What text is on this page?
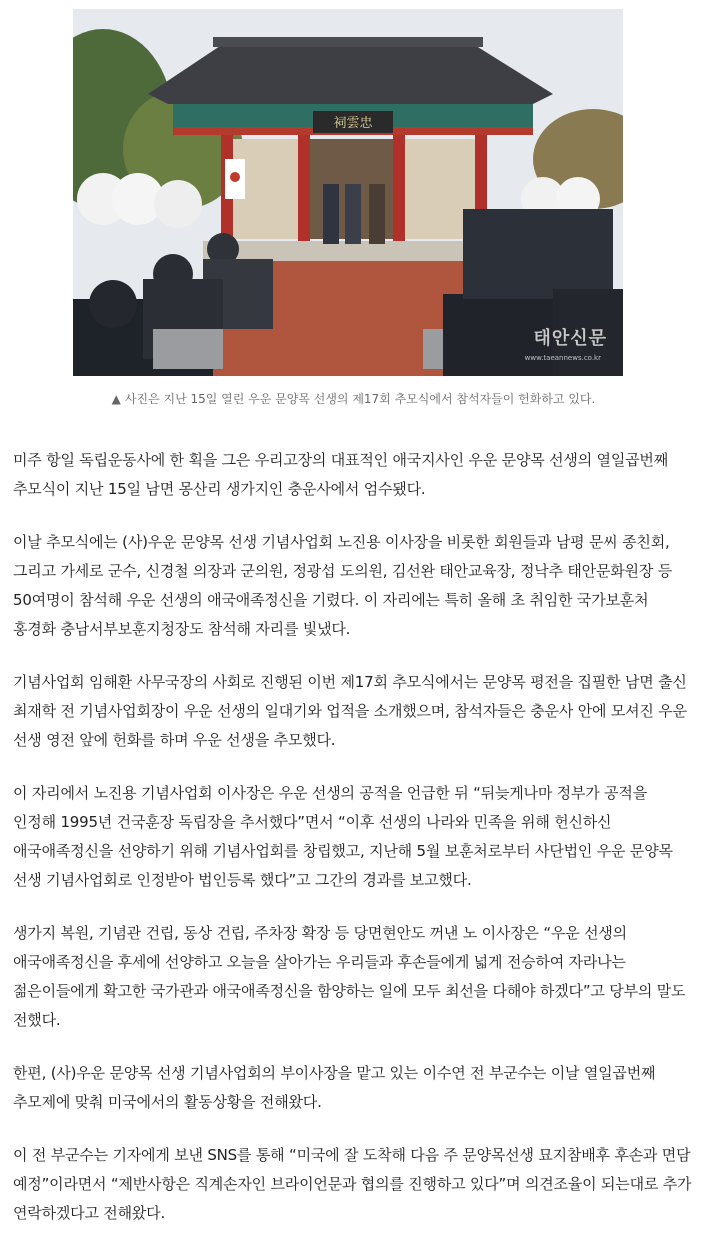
祠雲忠
태안신문
www.taeannews.co.kr
▲ 사진은 지난 15일 열린 우운 문양목 선생의 제17회 추모식에서 참석자들이 헌화하고 있다.

미주 항일 독립운동사에 한 획을 그은 우리고장의 대표적인 애국지사인 우운 문양목 선생의 열일곱번째 추모식이 지난 15일 남면 몽산리 생가지인 충운사에서 엄수됐다.

이날 추모식에는 (사)우운 문양목 선생 기념사업회 노진용 이사장을 비롯한 회원들과 남평 문씨 종친회, 그리고 가세로 군수, 신경철 의장과 군의원, 정광섭 도의원, 김선완 태안교육장, 정낙추 태안문화원장 등 50여명이 참석해 우운 선생의 애국애족정신을 기렸다. 이 자리에는 특히 올해 초 취임한 국가보훈처 홍경화 충남서부보훈지청장도 참석해 자리를 빛냈다.

기념사업회 임해환 사무국장의 사회로 진행된 이번 제17회 추모식에서는 문양목 평전을 집필한 남면 출신 최재학 전 기념사업회장이 우운 선생의 일대기와 업적을 소개했으며, 참석자들은 충운사 안에 모셔진 우운 선생 영전 앞에 헌화를 하며 우운 선생을 추모했다.

이 자리에서 노진용 기념사업회 이사장은 우운 선생의 공적을 언급한 뒤 “뒤늦게나마 정부가 공적을 인정해 1995년 건국훈장 독립장을 추서했다”면서 “이후 선생의 나라와 민족을 위해 헌신하신 애국애족정신을 선양하기 위해 기념사업회를 창립했고, 지난해 5월 보훈처로부터 사단법인 우운 문양목 선생 기념사업회로 인정받아 법인등록 했다”고 그간의 경과를 보고했다.

생가지 복원, 기념관 건립, 동상 건립, 주차장 확장 등 당면현안도 꺼낸 노 이사장은 “우운 선생의 애국애족정신을 후세에 선양하고 오늘을 살아가는 우리들과 후손들에게 넓게 전승하여 자라나는 젊은이들에게 확고한 국가관과 애국애족정신을 함양하는 일에 모두 최선을 다해야 하겠다”고 당부의 말도 전했다.

한편, (사)우운 문양목 선생 기념사업회의 부이사장을 맡고 있는 이수연 전 부군수는 이날 열일곱번째 추모제에 맞춰 미국에서의 활동상황을 전해왔다.

이 전 부군수는 기자에게 보낸 SNS를 통해 “미국에 잘 도착해 다음 주 문양목선생 묘지참배후 후손과 면담 예정”이라면서 “제반사항은 직계손자인 브라이언문과 협의를 진행하고 있다”며 의견조율이 되는대로 추가 연락하겠다고 전해왔다.
